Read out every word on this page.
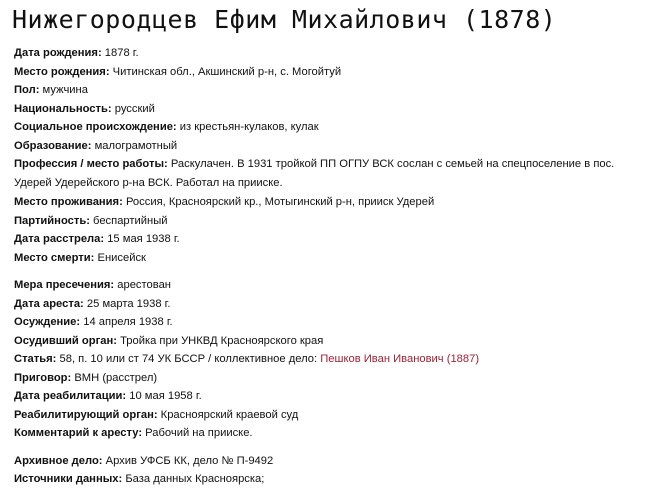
Нижегородцев Ефим Михайлович (1878)

Дата рождения: 1878 г.

Место рождения: Читинская обл., Акшинский р-н, с. Могойтуй

Пол: мужчина

Национальность: русский

Социальное происхождение: из крестьян-кулаков, кулак

Образование: малограмотный

Профессия / место работы: Раскулачен. В 1931 тройкой ПП ОГПУ ВСК сослан с семьей на спецпоселение в пос. Удерей Удерейского р-на ВСК. Работал на прииске.

Место проживания: Россия, Красноярский кр., Мотыгинский р-н, прииск Удерей

Партийность: беспартийный

Дата расстрела: 15 мая 1938 г.

Место смерти: Енисейск

Мера пресечения: арестован

Дата ареста: 25 марта 1938 г.

Осуждение: 14 апреля 1938 г.

Осудивший орган: Тройка при УНКВД Красноярского края

Статья: 58, п. 10 или ст 74 УК БССР / коллективное дело: Пешков Иван Иванович (1887)

Приговор: ВМН (расстрел)

Дата реабилитации: 10 мая 1958 г.

Реабилитирующий орган: Красноярский краевой суд

Комментарий к аресту: Рабочий на прииске.

Архивное дело: Архив УФСБ КК, дело № П-9492

Источники данных: База данных Красноярска;
